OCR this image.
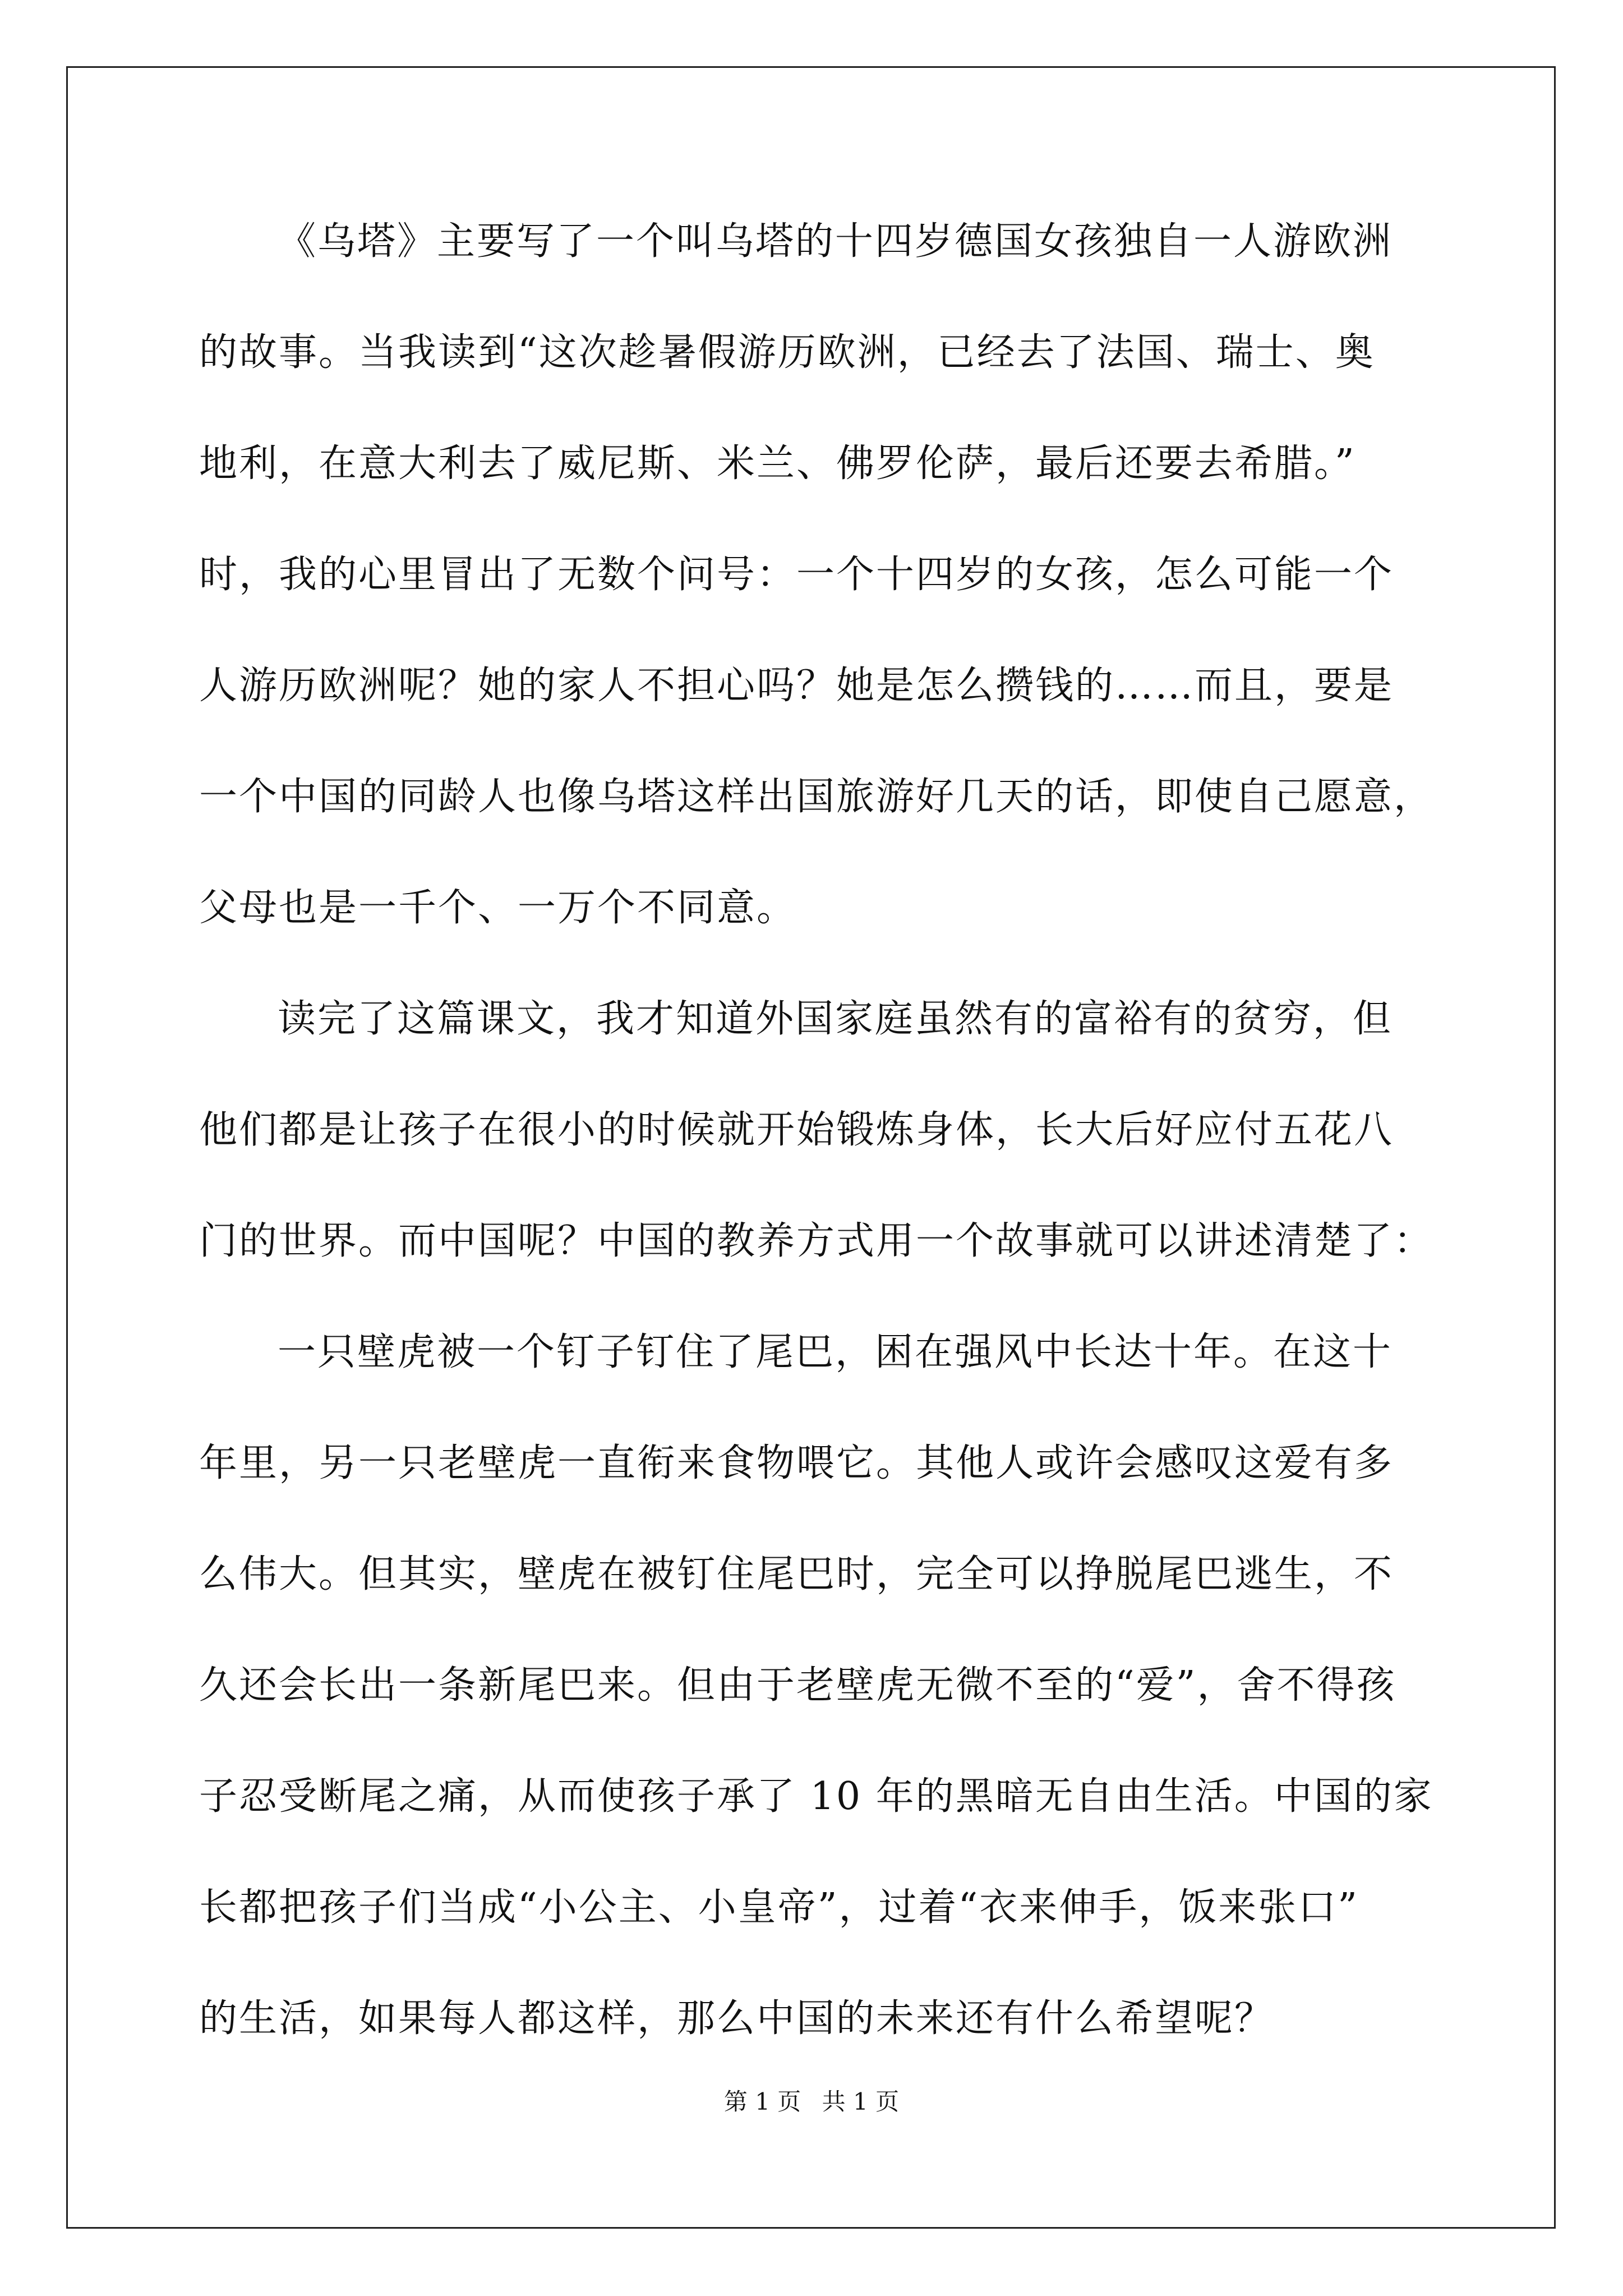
《乌塔》主要写了一个叫乌塔的十四岁德国女孩独自一人游欧洲
的故事。当我读到“这次趁暑假游历欧洲，已经去了法国、瑞士、奥
地利，在意大利去了威尼斯、米兰、佛罗伦萨，最后还要去希腊。”
时，我的心里冒出了无数个问号：一个十四岁的女孩，怎么可能一个
人游历欧洲呢？她的家人不担心吗？她是怎么攒钱的……而且，要是
一个中国的同龄人也像乌塔这样出国旅游好几天的话，即使自己愿意，
父母也是一千个、一万个不同意。
读完了这篇课文，我才知道外国家庭虽然有的富裕有的贫穷，但
他们都是让孩子在很小的时候就开始锻炼身体，长大后好应付五花八
门的世界。而中国呢？中国的教养方式用一个故事就可以讲述清楚了：
一只壁虎被一个钉子钉住了尾巴，困在强风中长达十年。在这十
年里，另一只老壁虎一直衔来食物喂它。其他人或许会感叹这爱有多
么伟大。但其实，壁虎在被钉住尾巴时，完全可以挣脱尾巴逃生，不
久还会长出一条新尾巴来。但由于老壁虎无微不至的“爱”，舍不得孩
子忍受断尾之痛，从而使孩子承了 10 年的黑暗无自由生活。中国的家
长都把孩子们当成“小公主、小皇帝”，过着“衣来伸手，饭来张口”
的生活，如果每人都这样，那么中国的未来还有什么希望呢？
第 1 页 共 1 页
